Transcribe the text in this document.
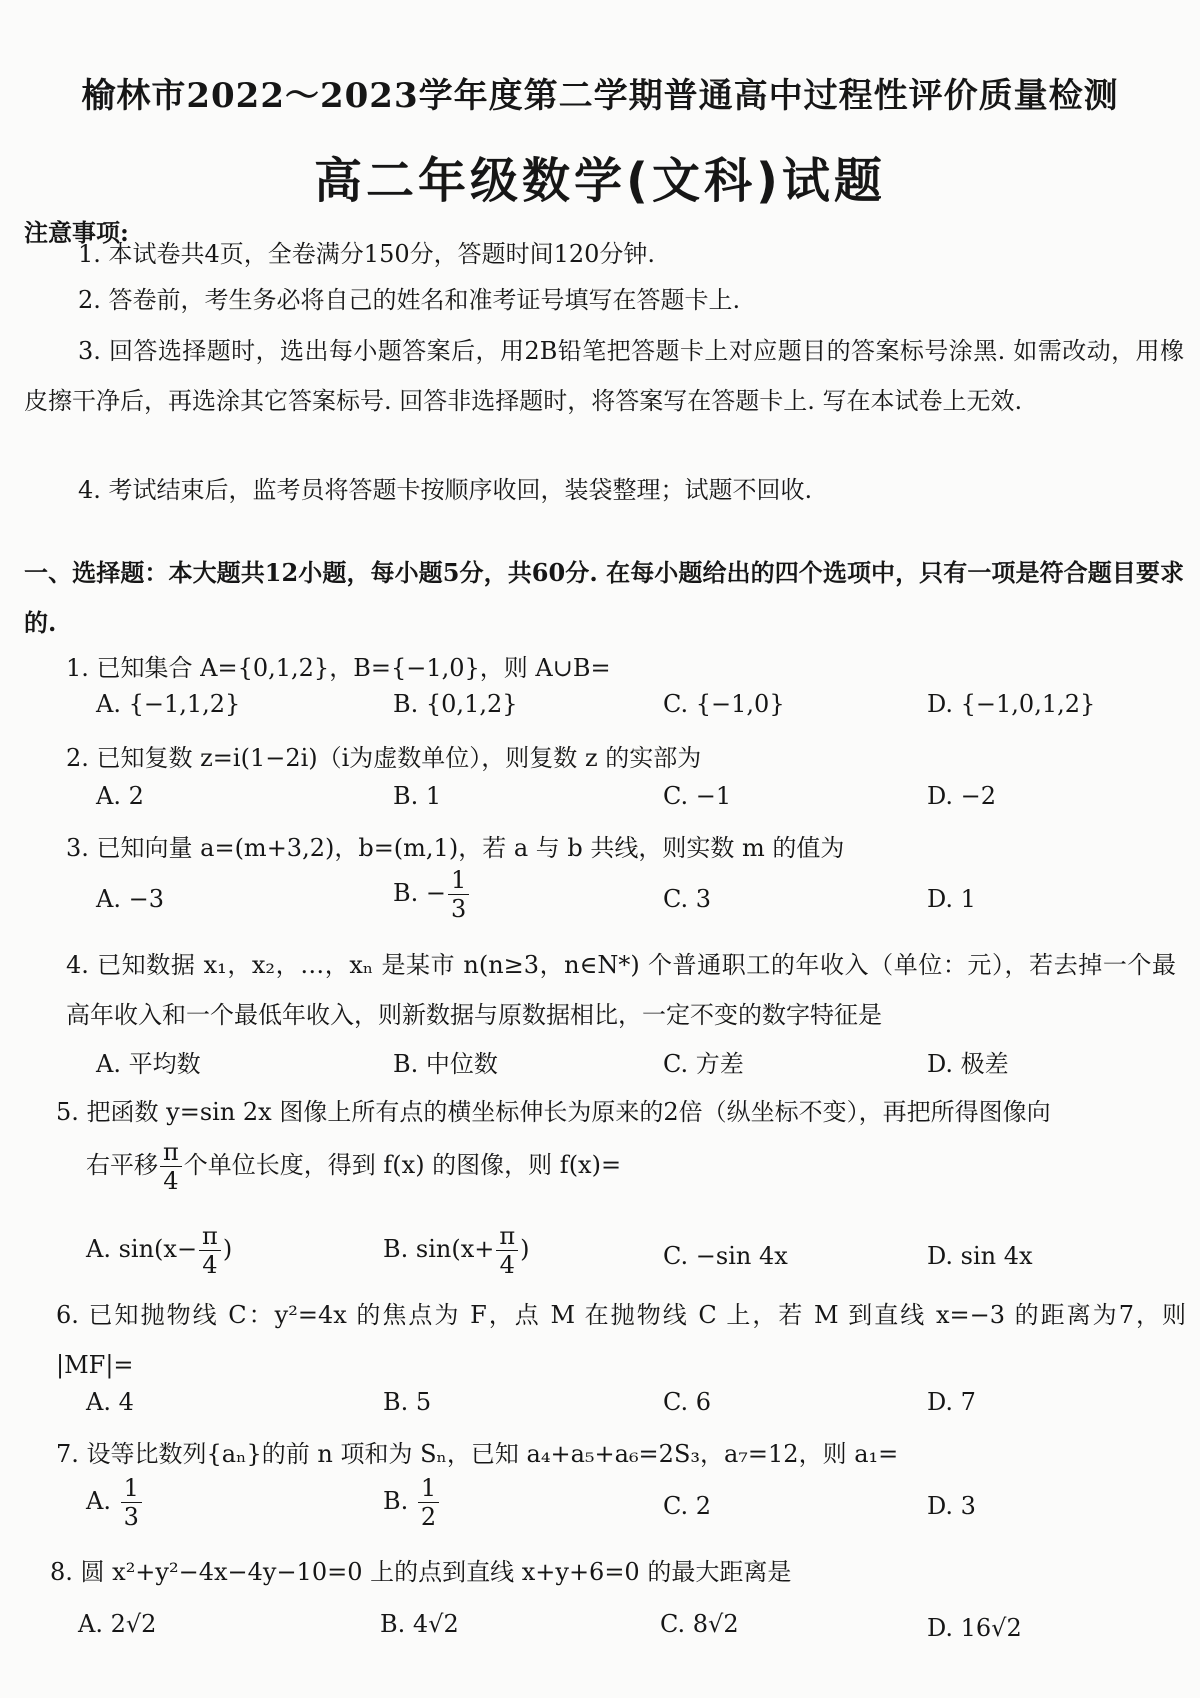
榆林市2022～2023学年度第二学期普通高中过程性评价质量检测
高二年级数学(文科)试题
注意事项:
1. 本试卷共4页，全卷满分150分，答题时间120分钟.
2. 答卷前，考生务必将自己的姓名和准考证号填写在答题卡上.
3. 回答选择题时，选出每小题答案后，用2B铅笔把答题卡上对应题目的答案标号涂黑. 如需改动，用橡皮擦干净后，再选涂其它答案标号. 回答非选择题时，将答案写在答题卡上. 写在本试卷上无效.
4. 考试结束后，监考员将答题卡按顺序收回，装袋整理；试题不回收.
一、选择题：本大题共12小题，每小题5分，共60分. 在每小题给出的四个选项中，只有一项是符合题目要求的.
1. 已知集合 A={0,1,2}，B={−1,0}，则 A∪B=
A. {−1,1,2}	B. {0,1,2}	C. {−1,0}	D. {−1,0,1,2}
2. 已知复数 z=i(1−2i)（i为虚数单位），则复数 z 的实部为
A. 2	B. 1	C. −1	D. −2
3. 已知向量 a=(m+3,2)，b=(m,1)，若 a 与 b 共线，则实数 m 的值为
A. −3	B. − $\frac{1}{3}$	C. 3	D. 1
4. 已知数据 x₁，x₂，…，xₙ 是某市 n(n≥3，n∈N*) 个普通职工的年收入（单位：元），若去掉一个最高年收入和一个最低年收入，则新数据与原数据相比，一定不变的数字特征是
A. 平均数	B. 中位数	C. 方差	D. 极差
5. 把函数 y=sin 2x 图像上所有点的横坐标伸长为原来的2倍（纵坐标不变），再把所得图像向
右平移 $\frac{\pi}{4}$ 个单位长度，得到 f(x) 的图像，则 f(x)=
A. $\sin(x- \frac{\pi}{4}$ )	B. $\sin(x+ \frac{\pi}{4}$ )	C. −sin 4x	D. sin 4x
6. 已知抛物线 C：y²=4x 的焦点为 F，点 M 在抛物线 C 上，若 M 到直线 x=−3 的距离为7，则 |MF|=
A. 4	B. 5	C. 6	D. 7
7. 设等比数列{aₙ}的前 n 项和为 Sₙ，已知 a₄+a₅+a₆=2S₃，a₇=12，则 a₁=
A. $\frac{1}{3}$	B. $\frac{1}{2}$	C. 2	D. 3
8. 圆 x²+y²−4x−4y−10=0 上的点到直线 x+y+6=0 的最大距离是
A. 2√2	B. 4√2	C. 8√2	D. 16√2
